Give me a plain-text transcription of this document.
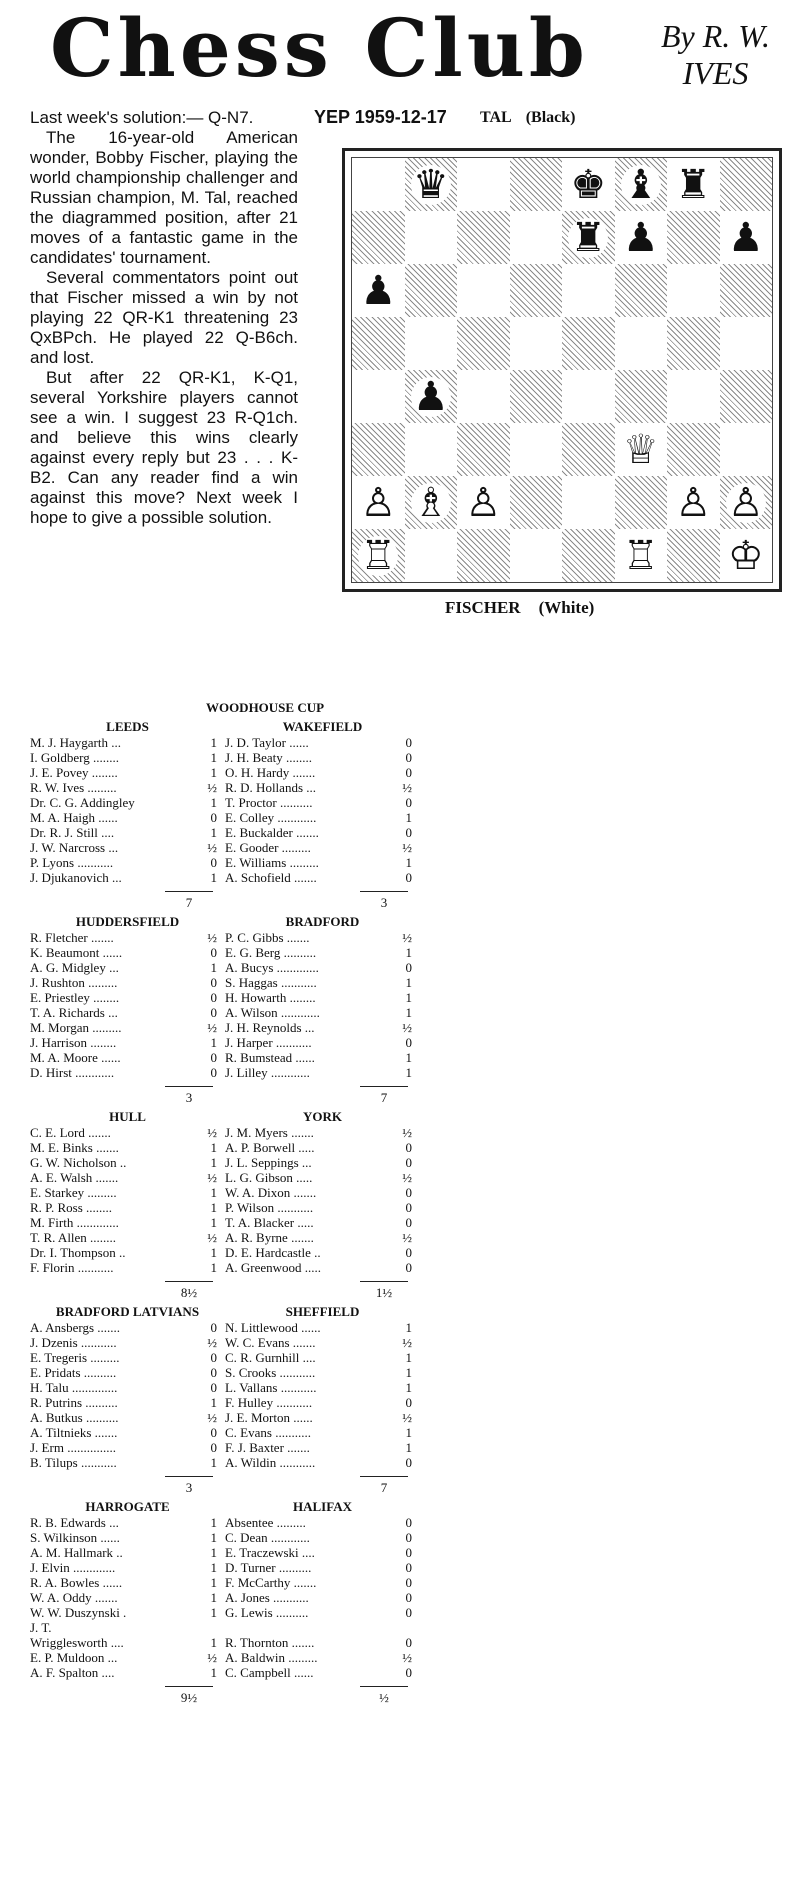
Chess Club By R. W.
IVES
YEP 1959-12-17 TAL (Black)

Last week's solution:— Q-N7.

The 16-year-old American wonder, Bobby Fischer, playing the world championship challenger and Russian champion, M. Tal, reached the diagrammed position, after 21 moves of a fantastic game in the candidates' tournament.

Several commentators point out that Fischer missed a win by not playing 22 QR-K1 threatening 23 QxBPch. He played 22 Q-B6ch. and lost.

But after 22 QR-K1, K-Q1, several Yorkshire players cannot see a win. I suggest 23 R-Q1ch. and believe this wins clearly against every reply but 23 . . . K-B2. Can any reader find a win against this move? Next week I hope to give a possible solution.

♛	♚ ♝ ♜
♜ ♟ ♟
♟
♟
♕
♙ ♗ ♙	♙ ♙
♖	♖ ♔
FISCHER (White)
WOODHOUSE CUP
LEEDS	WAKEFIELD
M. J. Haygarth ...	1 J. D. Taylor ......	0
I. Goldberg ........	1 J. H. Beaty ........	0
J. E. Povey ........	1 O. H. Hardy .......	0
R. W. Ives .........	½ R. D. Hollands ...	½
Dr. C. G. Addingley	1 T. Proctor ..........	0
M. A. Haigh ......	0 E. Colley ............	1
Dr. R. J. Still ....	1 E. Buckalder .......	0
J. W. Narcross ...	½ E. Gooder .........	½
P. Lyons ...........	0 E. Williams .........	1
J. Djukanovich ...	1 A. Schofield .......	0
7	3
HUDDERSFIELD	BRADFORD
R. Fletcher .......	½ P. C. Gibbs .......	½
K. Beaumont ......	0 E. G. Berg ..........	1
A. G. Midgley ...	1 A. Bucys .............	0
J. Rushton .........	0 S. Haggas ...........	1
E. Priestley ........	0 H. Howarth ........	1
T. A. Richards ...	0 A. Wilson ............	1
M. Morgan .........	½ J. H. Reynolds ...	½
J. Harrison ........	1 J. Harper ...........	0
M. A. Moore ......	0 R. Bumstead ......	1
D. Hirst ............	0 J. Lilley ............	1
3	7
HULL	YORK
C. E. Lord .......	½ J. M. Myers .......	½
M. E. Binks .......	1 A. P. Borwell .....	0
G. W. Nicholson ..	1 J. L. Seppings ...	0
A. E. Walsh .......	½ L. G. Gibson .....	½
E. Starkey .........	1 W. A. Dixon .......	0
R. P. Ross ........	1 P. Wilson ...........	0
M. Firth .............	1 T. A. Blacker .....	0
T. R. Allen ........	½ A. R. Byrne .......	½
Dr. I. Thompson ..	1 D. E. Hardcastle ..	0
F. Florin ...........	1 A. Greenwood .....	0
8½	1½
BRADFORD LATVIANS	SHEFFIELD
A. Ansbergs .......	0 N. Littlewood ......	1
J. Dzenis ...........	½ W. C. Evans .......	½
E. Tregeris .........	0 C. R. Gurnhill ....	1
E. Pridats ..........	0 S. Crooks ...........	1
H. Talu ..............	0 L. Vallans ...........	1
R. Putrins ..........	1 F. Hulley ...........	0
A. Butkus ..........	½ J. E. Morton ......	½
A. Tiltnieks .......	0 C. Evans ...........	1
J. Erm ...............	0 F. J. Baxter .......	1
B. Tilups ...........	1 A. Wildin ...........	0
3	7
HARROGATE	HALIFAX
R. B. Edwards ...	1 Absentee .........	0
S. Wilkinson ......	1 C. Dean ............	0
A. M. Hallmark ..	1 E. Traczewski ....	0
J. Elvin .............	1 D. Turner ..........	0
R. A. Bowles ......	1 F. McCarthy .......	0
W. A. Oddy .......	1 A. Jones ...........	0
W. W. Duszynski .	1 G. Lewis ..........	0
J. T.
Wrigglesworth ....	1 R. Thornton .......	0
E. P. Muldoon ...	½ A. Baldwin .........	½
A. F. Spalton ....	1 C. Campbell ......	0
9½	½
